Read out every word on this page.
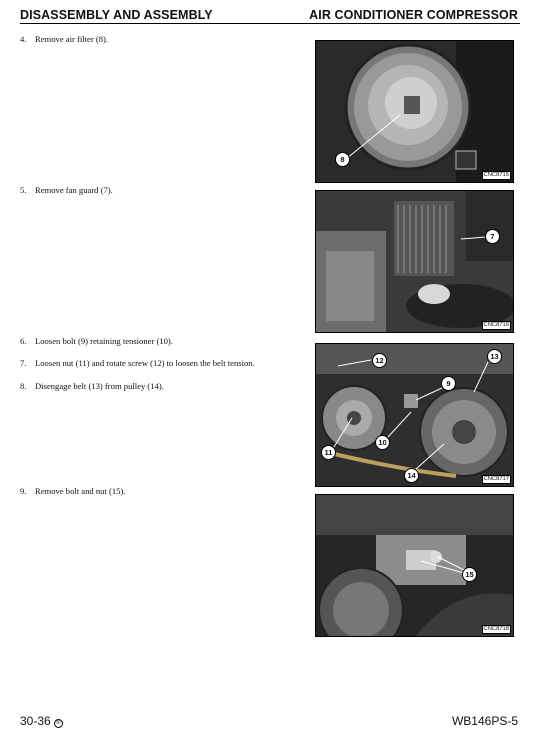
DISASSEMBLY AND ASSEMBLY	AIR CONDITIONER COMPRESSOR
4. Remove air filter (8).
5. Remove fan guard (7).
6. Loosen bolt (9) retaining tensioner (10).
7. Loosen nut (11) and rotate screw (12) to loosen the belt tension.
8. Disengage belt (13) from pulley (14).
9. Remove bolt and nut (15).
8
CNC8715
7
CNC8716
12	13
9
10
11
14	CNC8717
15
CNC8718
30-36 ⑤	WB146PS-5
